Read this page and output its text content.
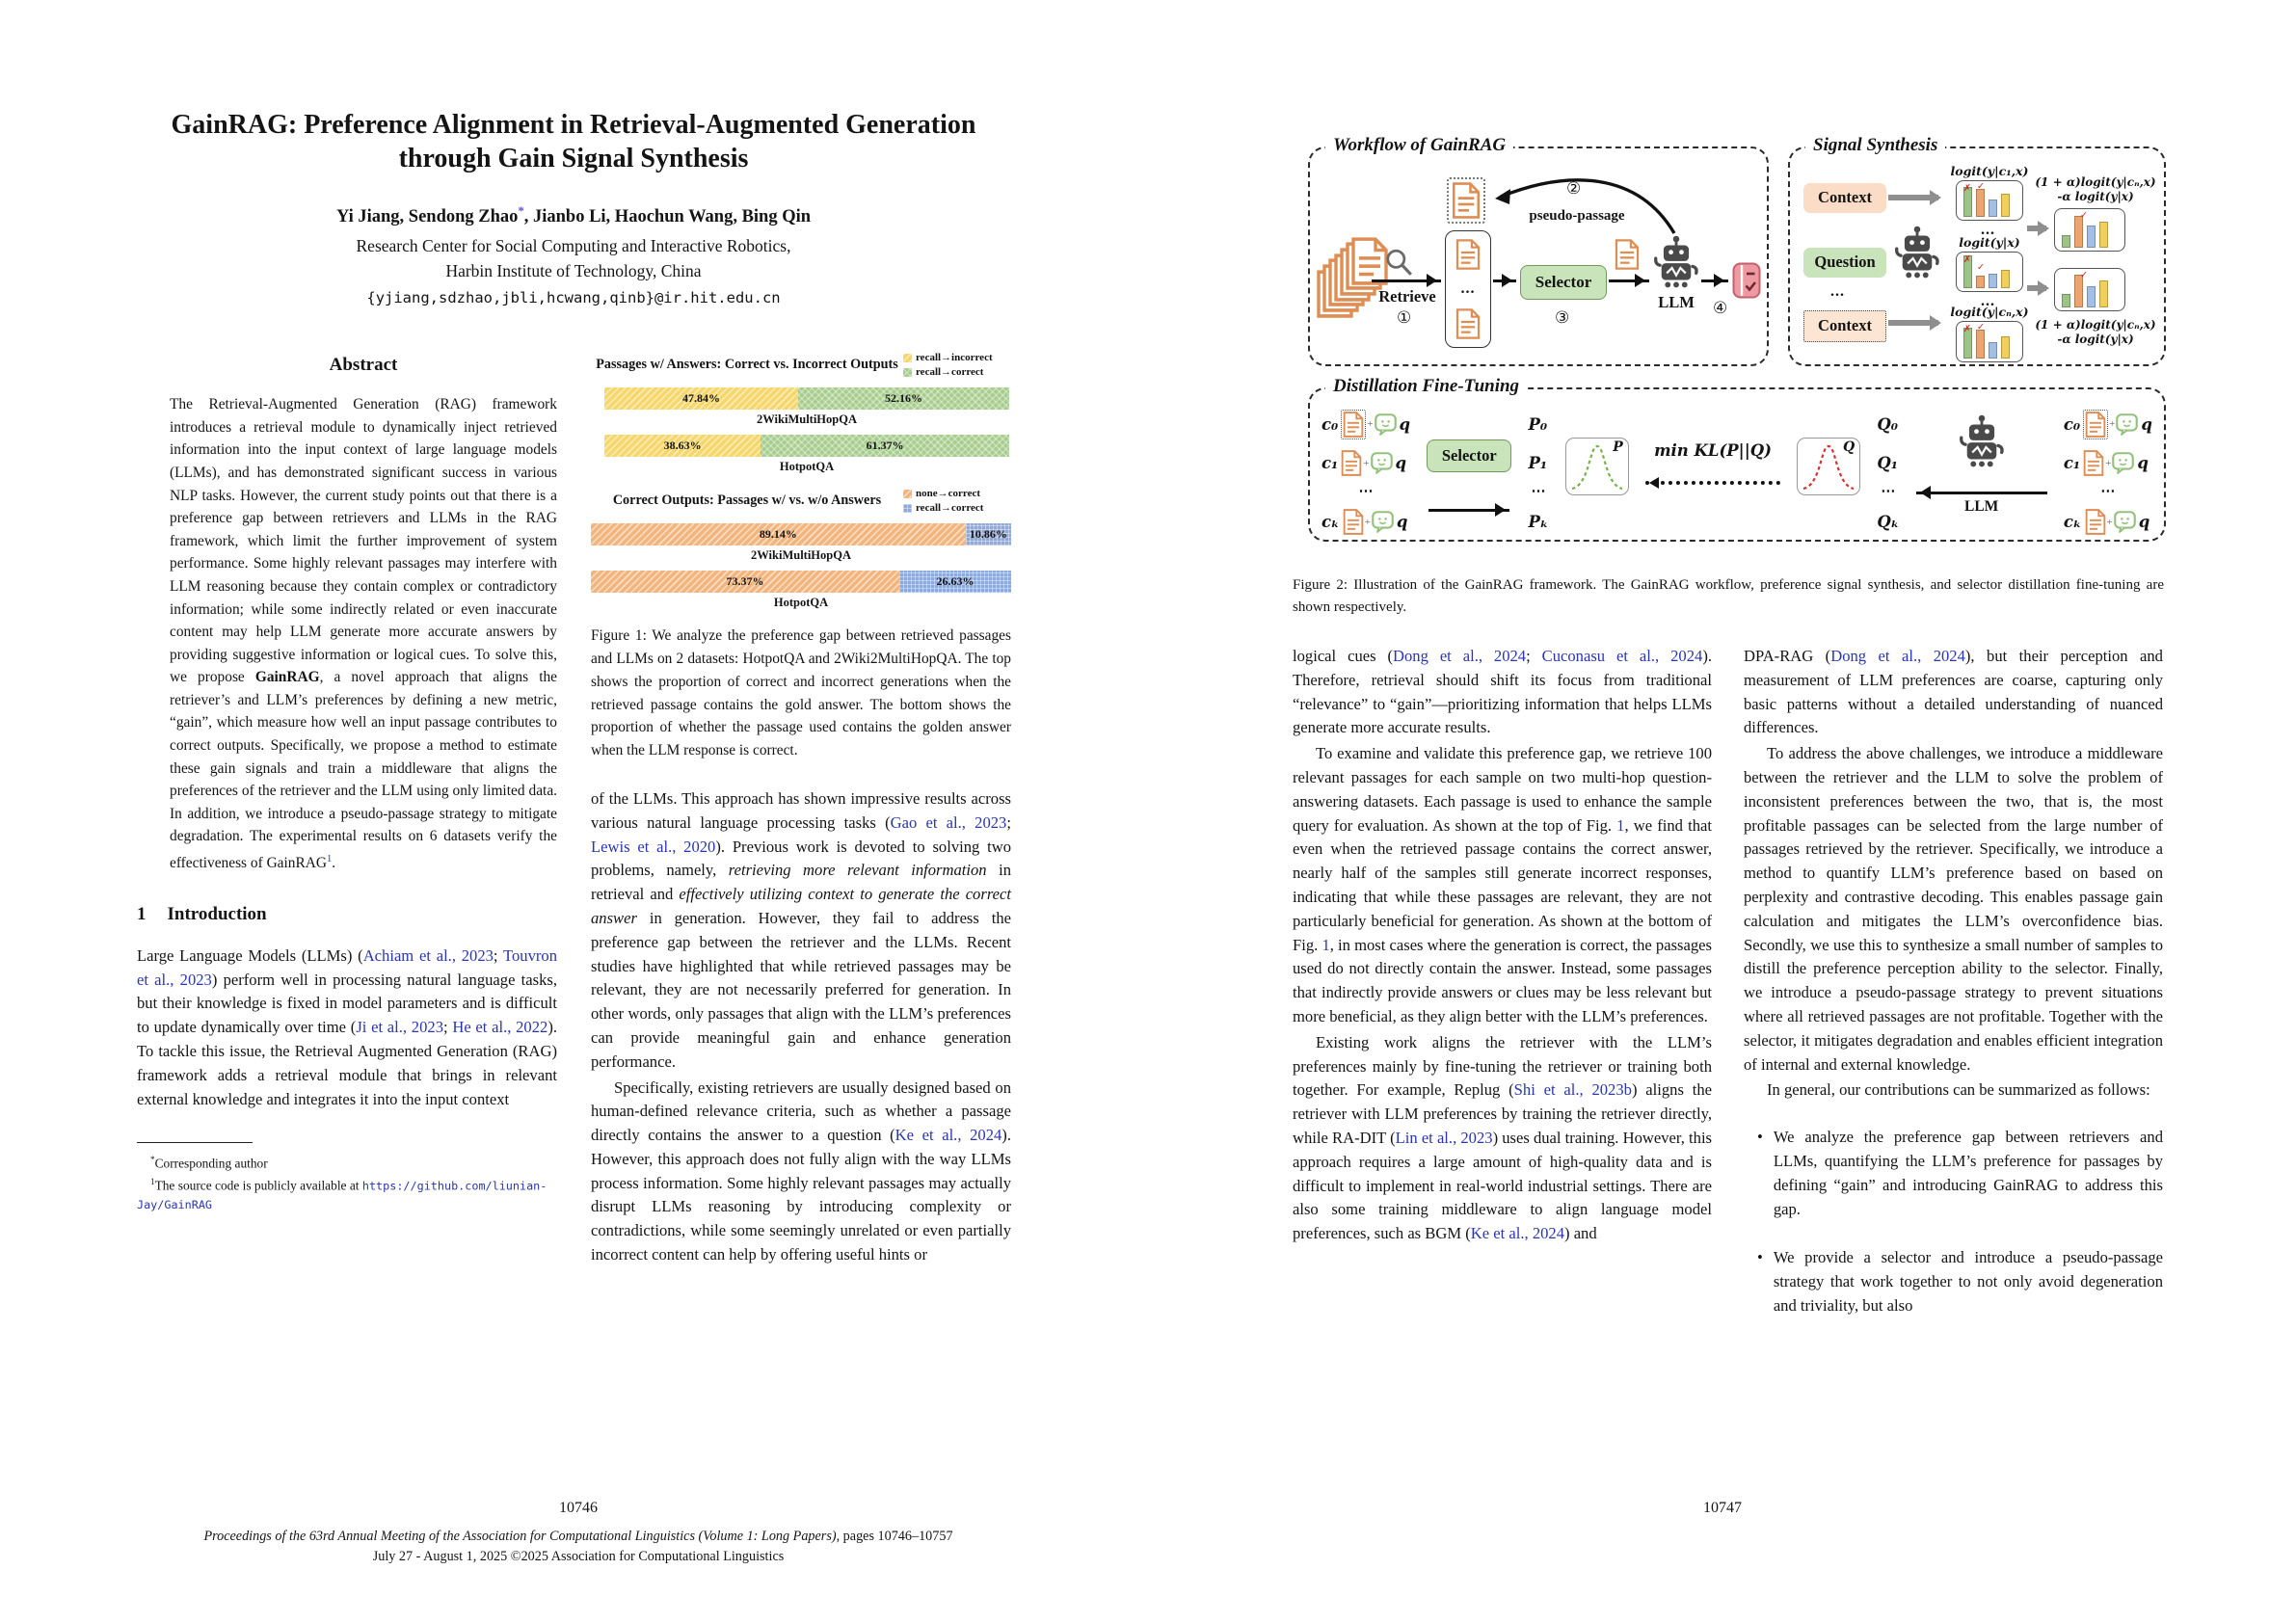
GainRAG: Preference Alignment in Retrieval-Augmented Generation
through Gain Signal Synthesis
Yi Jiang, Sendong Zhao*, Jianbo Li, Haochun Wang, Bing Qin
Research Center for Social Computing and Interactive Robotics,
Harbin Institute of Technology, China
{yjiang,sdzhao,jbli,hcwang,qinb}@ir.hit.edu.cn
Abstract
The Retrieval-Augmented Generation (RAG) framework introduces a retrieval module to dynamically inject retrieved information into the input context of large language models (LLMs), and has demonstrated significant success in various NLP tasks. However, the current study points out that there is a preference gap between retrievers and LLMs in the RAG framework, which limit the further improvement of system performance. Some highly relevant passages may interfere with LLM reasoning because they contain complex or contradictory information; while some indirectly related or even inaccurate content may help LLM generate more accurate answers by providing suggestive information or logical cues. To solve this, we propose GainRAG, a novel approach that aligns the retriever’s and LLM’s preferences by defining a new metric, “gain”, which measure how well an input passage contributes to correct outputs. Specifically, we propose a method to estimate these gain signals and train a middleware that aligns the preferences of the retriever and the LLM using only limited data. In addition, we introduce a pseudo-passage strategy to mitigate degradation. The experimental results on 6 datasets verify the effectiveness of GainRAG$^1$.
1 Introduction
Large Language Models (LLMs) (Achiam et al., 2023; Touvron et al., 2023) perform well in processing natural language tasks, but their knowledge is fixed in model parameters and is difficult to update dynamically over time (Ji et al., 2023; He et al., 2022). To tackle this issue, the Retrieval Augmented Generation (RAG) framework adds a retrieval module that brings in relevant external knowledge and integrates it into the input context
*Corresponding author
$^1$The source code is publicly available at https://github.com/liunian-Jay/GainRAG
Passages w/ Answers: Correct vs. Incorrect Outputs	recall→incorrect
recall→correct
47.84%	52.16%
2WikiMultiHopQA
38.63%	61.37%
HotpotQA
Correct Outputs: Passages w/ vs. w/o Answers	none→correct
recall→correct
89.14%	10.86%
2WikiMultiHopQA
73.37%	26.63%
HotpotQA
Figure 1: We analyze the preference gap between retrieved passages and LLMs on 2 datasets: HotpotQA and 2Wiki2MultiHopQA. The top shows the proportion of correct and incorrect generations when the retrieved passage contains the gold answer. The bottom shows the proportion of whether the passage used contains the golden answer when the LLM response is correct.
of the LLMs. This approach has shown impressive results across various natural language processing tasks (Gao et al., 2023; Lewis et al., 2020). Previous work is devoted to solving two problems, namely, retrieving more relevant information in retrieval and effectively utilizing context to generate the correct answer in generation. However, they fail to address the preference gap between the retriever and the LLMs. Recent studies have highlighted that while retrieved passages may be relevant, they are not necessarily preferred for generation. In other words, only passages that align with the LLM’s preferences can provide meaningful gain and enhance generation performance.
Specifically, existing retrievers are usually designed based on human-defined relevance criteria, such as whether a passage directly contains the answer to a question (Ke et al., 2024). However, this approach does not fully align with the way LLMs process information. Some highly relevant passages may actually disrupt LLMs reasoning by introducing complexity or contradictions, while some seemingly unrelated or even partially incorrect content can help by offering useful hints or
Workflow of GainRAG
Retrieve
①
...
②
pseudo-passage
Selector
③
LLM	④
Signal Synthesis
Context
Question
...
Context
logit(y|c₁,x)
✗ ✓
...
logit(y|x)
✗
✓
...
logit(y|cₙ,x)
✗ ✓
(1 + α)logit(y|cₙ,x)
-α logit(y|x)
✓
✓
(1 + α)logit(y|cₙ,x)
-α logit(y|x)
Distillation Fine-Tuning
c₀	+ q
c₁ + q
⋯
cₖ + q
Selector
P₀
P₁
⋯
Pₖ
P min KL(P||Q)	Q
Q₀
Q₁
⋯
Qₖ
LLM
c₀	+ q
c₁ + q
⋯
cₖ + q
Figure 2: Illustration of the GainRAG framework. The GainRAG workflow, preference signal synthesis, and selector distillation fine-tuning are shown respectively.
logical cues (Dong et al., 2024; Cuconasu et al., 2024). Therefore, retrieval should shift its focus from traditional “relevance” to “gain”—prioritizing information that helps LLMs generate more accurate results.
To examine and validate this preference gap, we retrieve 100 relevant passages for each sample on two multi-hop question-answering datasets. Each passage is used to enhance the sample query for evaluation. As shown at the top of Fig. 1, we find that even when the retrieved passage contains the correct answer, nearly half of the samples still generate incorrect responses, indicating that while these passages are relevant, they are not particularly beneficial for generation. As shown at the bottom of Fig. 1, in most cases where the generation is correct, the passages used do not directly contain the answer. Instead, some passages that indirectly provide answers or clues may be less relevant but more beneficial, as they align better with the LLM’s preferences.
Existing work aligns the retriever with the LLM’s preferences mainly by fine-tuning the retriever or training both together. For example, Replug (Shi et al., 2023b) aligns the retriever with LLM preferences by training the retriever directly, while RA-DIT (Lin et al., 2023) uses dual training. However, this approach requires a large amount of high-quality data and is difficult to implement in real-world industrial settings. There are also some training middleware to align language model preferences, such as BGM (Ke et al., 2024) and
DPA-RAG (Dong et al., 2024), but their perception and measurement of LLM preferences are coarse, capturing only basic patterns without a detailed understanding of nuanced differences.
To address the above challenges, we introduce a middleware between the retriever and the LLM to solve the problem of inconsistent preferences between the two, that is, the most profitable passages can be selected from the large number of passages retrieved by the retriever. Specifically, we introduce a method to quantify LLM’s preference based on based on perplexity and contrastive decoding. This enables passage gain calculation and mitigates the LLM’s overconfidence bias. Secondly, we use this to synthesize a small number of samples to distill the preference perception ability to the selector. Finally, we introduce a pseudo-passage strategy to prevent situations where all retrieved passages are not profitable. Together with the selector, it mitigates degradation and enables efficient integration of internal and external knowledge.
In general, our contributions can be summarized as follows:
• We analyze the preference gap between retrievers and LLMs, quantifying the LLM’s preference for passages by defining “gain” and introducing GainRAG to address this gap.
• We provide a selector and introduce a pseudo-passage strategy that work together to not only avoid degeneration and triviality, but also
10746
Proceedings of the 63rd Annual Meeting of the Association for Computational Linguistics (Volume 1: Long Papers), pages 10746–10757
July 27 - August 1, 2025 ©2025 Association for Computational Linguistics
10747
